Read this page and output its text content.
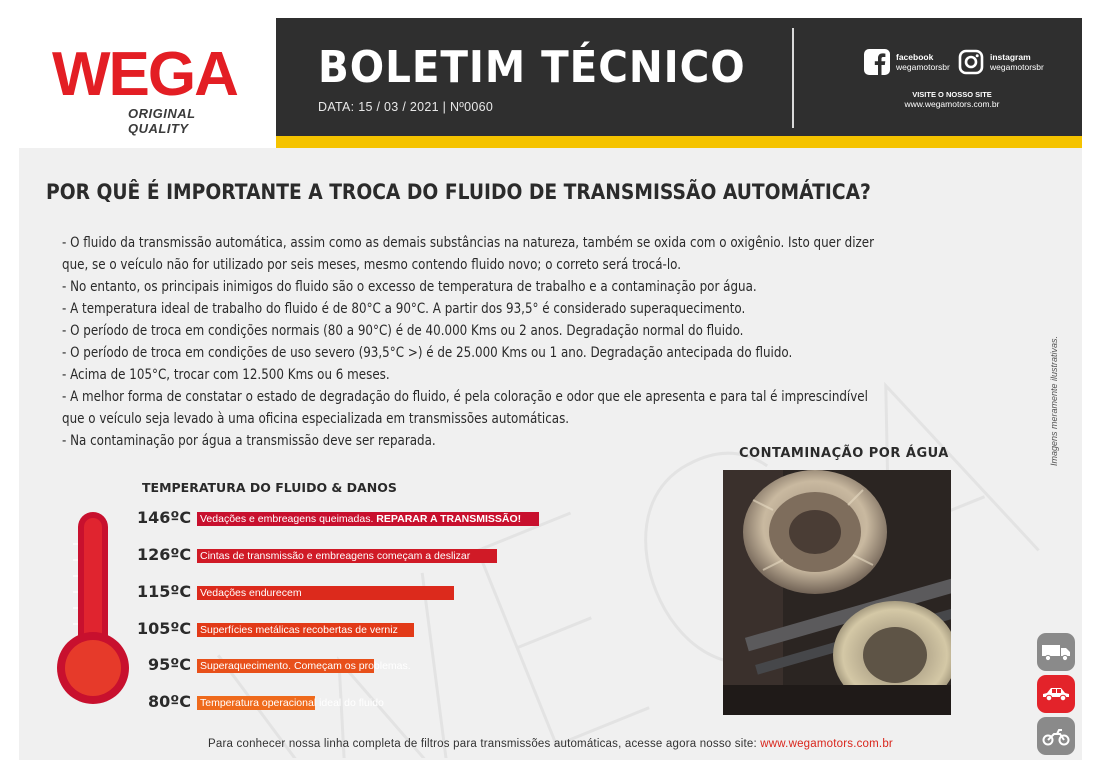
WEGA
ORIGINAL QUALITY
BOLETIM TÉCNICO
DATA: 15 / 03 / 2021 | Nº0060
facebook
wegamotorsbr
instagram
wegamotorsbr
VISITE O NOSSO SITE
www.wegamotors.com.br
POR QUÊ É IMPORTANTE A TROCA DO FLUIDO DE TRANSMISSÃO AUTOMÁTICA?

- O fluido da transmissão automática, assim como as demais substâncias na natureza, também se oxida com o oxigênio. Isto quer dizer

que, se o veículo não for utilizado por seis meses, mesmo contendo fluido novo; o correto será trocá-lo.

- No entanto, os principais inimigos do fluido são o excesso de temperatura de trabalho e a contaminação por água.

- A temperatura ideal de trabalho do fluido é de 80°C a 90°C. A partir dos 93,5° é considerado superaquecimento.

- O período de troca em condições normais (80 a 90°C) é de 40.000 Kms ou 2 anos. Degradação normal do fluido.

- O período de troca em condições de uso severo (93,5°C >) é de 25.000 Kms ou 1 ano. Degradação antecipada do fluido.

- Acima de 105°C, trocar com 12.500 Kms ou 6 meses.

- A melhor forma de constatar o estado de degradação do fluido, é pela coloração e odor que ele apresenta e para tal é imprescindível

que o veículo seja levado à uma oficina especializada em transmissões automáticas.

- Na contaminação por água a transmissão deve ser reparada.

TEMPERATURA DO FLUIDO & DANOS
146ºC Vedações e embreagens queimadas. REPARAR A TRANSMISSÃO!
126ºC Cintas de transmissão e embreagens começam a deslizar
115ºC Vedações endurecem
105ºC Superfícies metálicas recobertas de verniz
95ºC Superaquecimento. Começam os problemas.
80ºC Temperatura operacional ideal do fluido
CONTAMINAÇÃO POR ÁGUA	Imagens meramente ilustrativas.
Para conhecer nossa linha completa de filtros para transmissões automáticas, acesse agora nosso site: www.wegamotors.com.br
